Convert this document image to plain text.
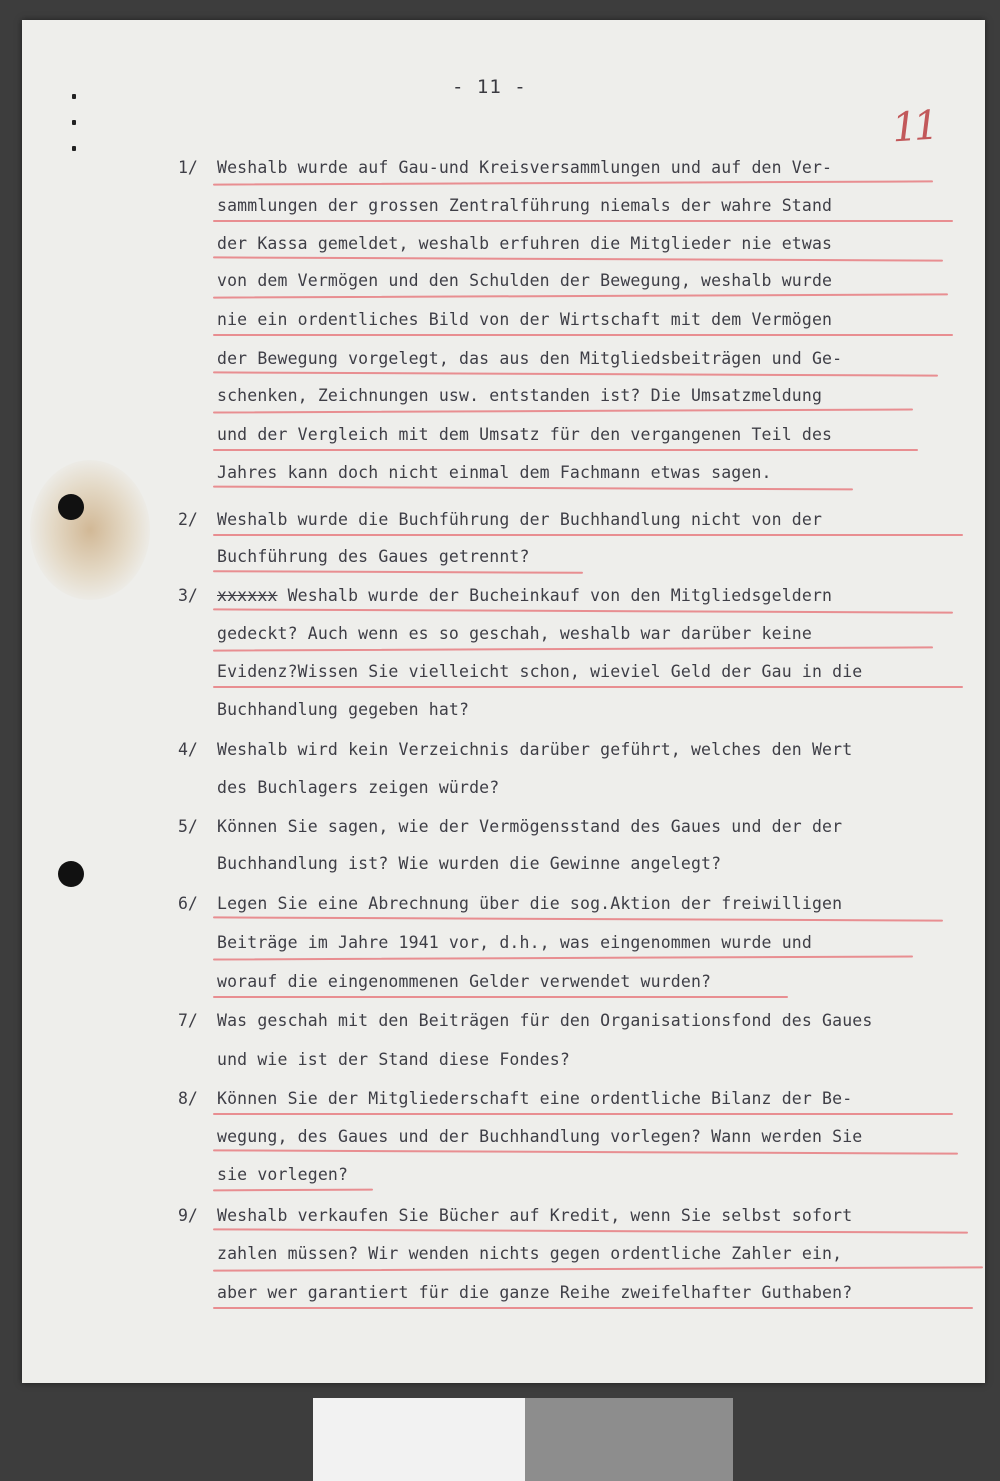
- 11 -
11
1/ Weshalb wurde auf Gau-und Kreisversammlungen und auf den Ver-
sammlungen der grossen Zentralführung niemals der wahre Stand
der Kassa gemeldet, weshalb erfuhren die Mitglieder nie etwas
von dem Vermögen und den Schulden der Bewegung, weshalb wurde
nie ein ordentliches Bild von der Wirtschaft mit dem Vermögen
der Bewegung vorgelegt, das aus den Mitgliedsbeiträgen und Ge-
schenken, Zeichnungen usw. entstanden ist? Die Umsatzmeldung
und der Vergleich mit dem Umsatz für den vergangenen Teil des
Jahres kann doch nicht einmal dem Fachmann etwas sagen.
2/ Weshalb wurde die Buchführung der Buchhandlung nicht von der
Buchführung des Gaues getrennt?
3/ xxxxxx Weshalb wurde der Bucheinkauf von den Mitgliedsgeldern
gedeckt? Auch wenn es so geschah, weshalb war darüber keine
Evidenz?Wissen Sie vielleicht schon, wieviel Geld der Gau in die
Buchhandlung gegeben hat?
4/ Weshalb wird kein Verzeichnis darüber geführt, welches den Wert
des Buchlagers zeigen würde?
5/ Können Sie sagen, wie der Vermögensstand des Gaues und der der
Buchhandlung ist? Wie wurden die Gewinne angelegt?
6/ Legen Sie eine Abrechnung über die sog.Aktion der freiwilligen
Beiträge im Jahre 1941 vor, d.h., was eingenommen wurde und
worauf die eingenommenen Gelder verwendet wurden?
7/ Was geschah mit den Beiträgen für den Organisationsfond des Gaues
und wie ist der Stand diese Fondes?
8/ Können Sie der Mitgliederschaft eine ordentliche Bilanz der Be-
wegung, des Gaues und der Buchhandlung vorlegen? Wann werden Sie
sie vorlegen?
9/ Weshalb verkaufen Sie Bücher auf Kredit, wenn Sie selbst sofort
zahlen müssen? Wir wenden nichts gegen ordentliche Zahler ein,
aber wer garantiert für die ganze Reihe zweifelhafter Guthaben?
